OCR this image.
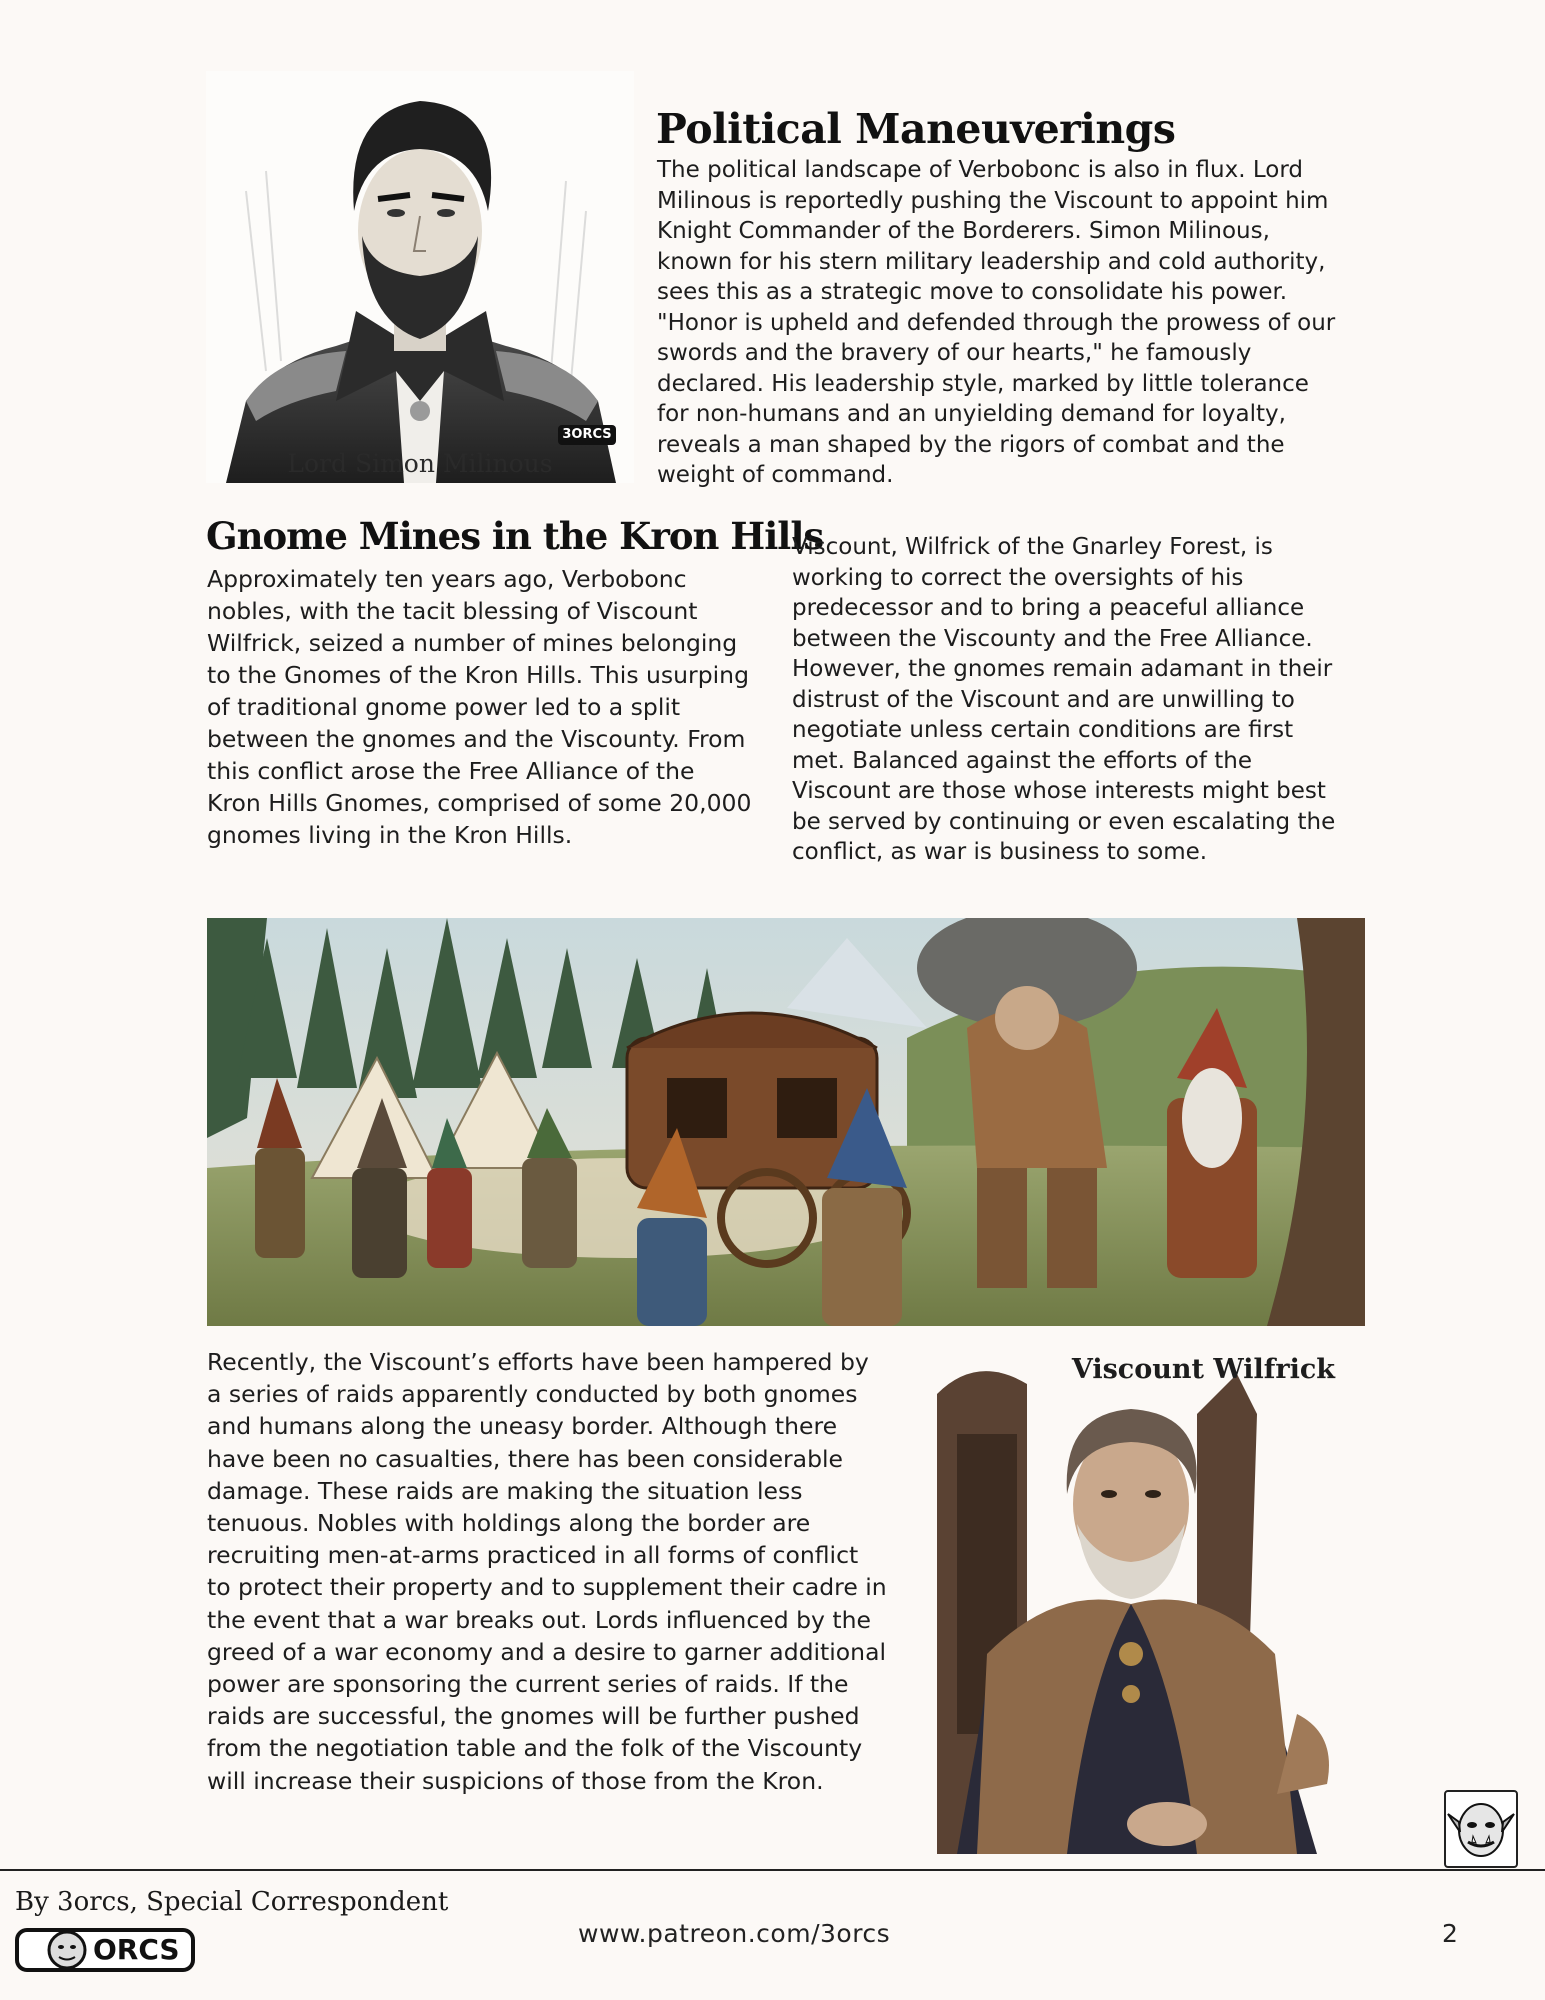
3ORCS
Lord Simon Milinous
Political Maneuverings

The political landscape of Verbobonc is also in flux. Lord Milinous is reportedly pushing the Viscount to appoint him Knight Commander of the Borderers. Simon Milinous, known for his stern military leadership and cold authority, sees this as a strategic move to consolidate his power. "Honor is upheld and defended through the prowess of our swords and the bravery of our hearts," he famously declared. His leadership style, marked by little tolerance for non-humans and an unyielding demand for loyalty, reveals a man shaped by the rigors of combat and the weight of command.

Gnome Mines in the Kron Hills

Approximately ten years ago, Verbobonc nobles, with the tacit blessing of Viscount Wilfrick, seized a number of mines belonging to the Gnomes of the Kron Hills. This usurping of traditional gnome power led to a split between the gnomes and the Viscounty. From this conflict arose the Free Alliance of the Kron Hills Gnomes, comprised of some 20,000 gnomes living in the Kron Hills.

Viscount, Wilfrick of the Gnarley Forest, is working to correct the oversights of his predecessor and to bring a peaceful alliance between the Viscounty and the Free Alliance. However, the gnomes remain adamant in their distrust of the Viscount and are unwilling to negotiate unless certain conditions are first met. Balanced against the efforts of the Viscount are those whose interests might best be served by continuing or even escalating the conflict, as war is business to some.

Recently, the Viscount’s efforts have been hampered by a series of raids apparently conducted by both gnomes and humans along the uneasy border. Although there have been no casualties, there has been considerable damage. These raids are making the situation less tenuous. Nobles with holdings along the border are recruiting men-at-arms practiced in all forms of conflict to protect their property and to supplement their cadre in the event that a war breaks out. Lords influenced by the greed of a war economy and a desire to garner additional power are sponsoring the current series of raids. If the raids are successful, the gnomes will be further pushed from the negotiation table and the folk of the Viscounty will increase their suspicions of those from the Kron.

Viscount Wilfrick
By 3orcs, Special Correspondent
ORCS	www.patreon.com/3orcs	2
